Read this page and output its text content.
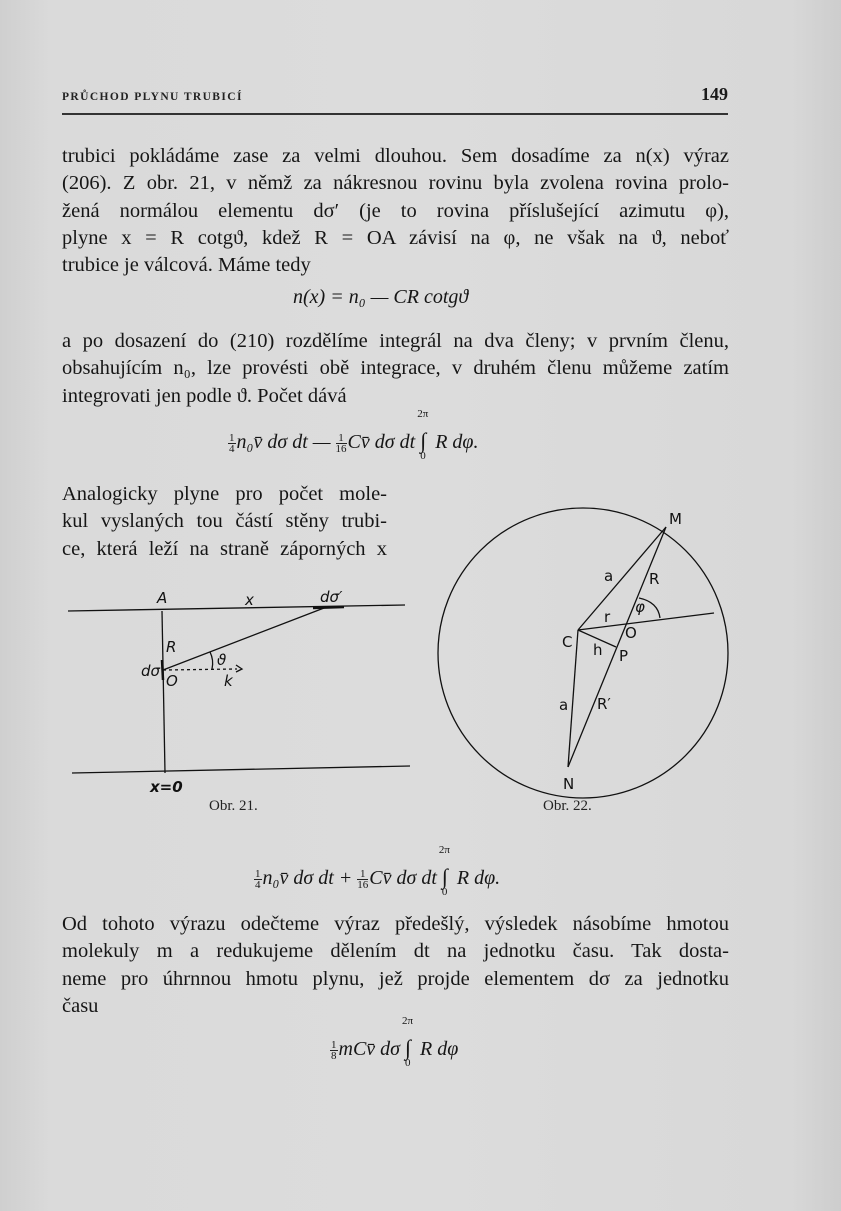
PRŮCHOD PLYNU TRUBICÍ	149
trubici pokládáme zase za velmi dlouhou. Sem dosadíme za n(x) výraz
(206). Z obr. 21, v němž za nákresnou rovinu byla zvolena rovina prolo-
žená normálou elementu dσ′ (je to rovina příslušející azimutu φ),
plyne x = R cotgϑ, kdež R = OA závisí na φ, ne však na ϑ, neboť
trubice je válcová. Máme tedy
n(x) = n₀ — CR cotgϑ
a po dosazení do (210) rozdělíme integrál na dva členy; v prvním členu,
obsahujícím n₀, lze provésti obě integrace, v druhém členu můžeme zatím
integrovati jen podle ϑ. Počet dává
$\frac{1}{4}$ n₀v̄ dσ dt — $\frac{1}{16}$ Cv̄ dσ dt
2π
∫
0
R dφ.
Analogicky plyne pro počet mole-
kul vyslaných tou částí stěny trubi-
ce, která leží na straně záporných x
A	x	dσ′
R
dσ
O
ϑ
k
x=0
Obr. 21.
M
a R
φ
r
C	O
h P
a R′
N
Obr. 22.
$\frac{1}{4}$ n₀v̄ dσ dt + $\frac{1}{16}$ Cv̄ dσ dt
2π
∫
0
R dφ.
Od tohoto výrazu odečteme výraz předešlý, výsledek násobíme hmotou
molekuly m a redukujeme dělením dt na jednotku času. Tak dosta-
neme pro úhrnnou hmotu plynu, jež projde elementem dσ za jednotku
času
$\frac{1}{8}$ mCv̄ dσ
2π
∫
0
R dφ
